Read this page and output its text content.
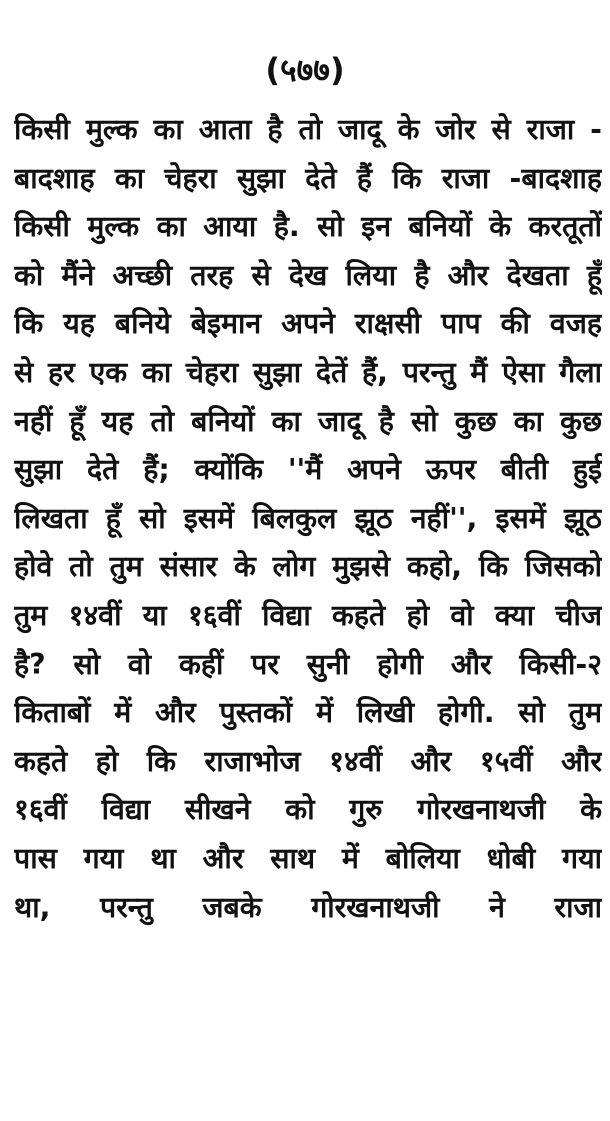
(५७७)
किसी मुल्क का आता है तो जादू के जोर से राजा -
बादशाह का चेहरा सुझा देते हैं कि राजा -बादशाह
किसी मुल्क का आया है. सो इन बनियों के करतूतों
को मैंने अच्छी तरह से देख लिया है और देखता हूँ
कि यह बनिये बेइमान अपने राक्षसी पाप की वजह
से हर एक का चेहरा सुझा देतें हैं, परन्तु मैं ऐसा गैला
नहीं हूँ यह तो बनियों का जादू है सो कुछ का कुछ
सुझा देते हैं; क्योंकि ''मैं अपने ऊपर बीती हुई
लिखता हूँ सो इसमें बिलकुल झूठ नहीं'', इसमें झूठ
होवे तो तुम संसार के लोग मुझसे कहो, कि जिसको
तुम १४वीं या १६वीं विद्या कहते हो वो क्या चीज
है? सो वो कहीं पर सुनी होगी और किसी-२
किताबों में और पुस्तकों में लिखी होगी. सो तुम
कहते हो कि राजाभोज १४वीं और १५वीं और
१६वीं विद्या सीखने को गुरु गोरखनाथजी के
पास गया था और साथ में बोलिया धोबी गया
था, परन्तु जबके गोरखनाथजी ने राजा
